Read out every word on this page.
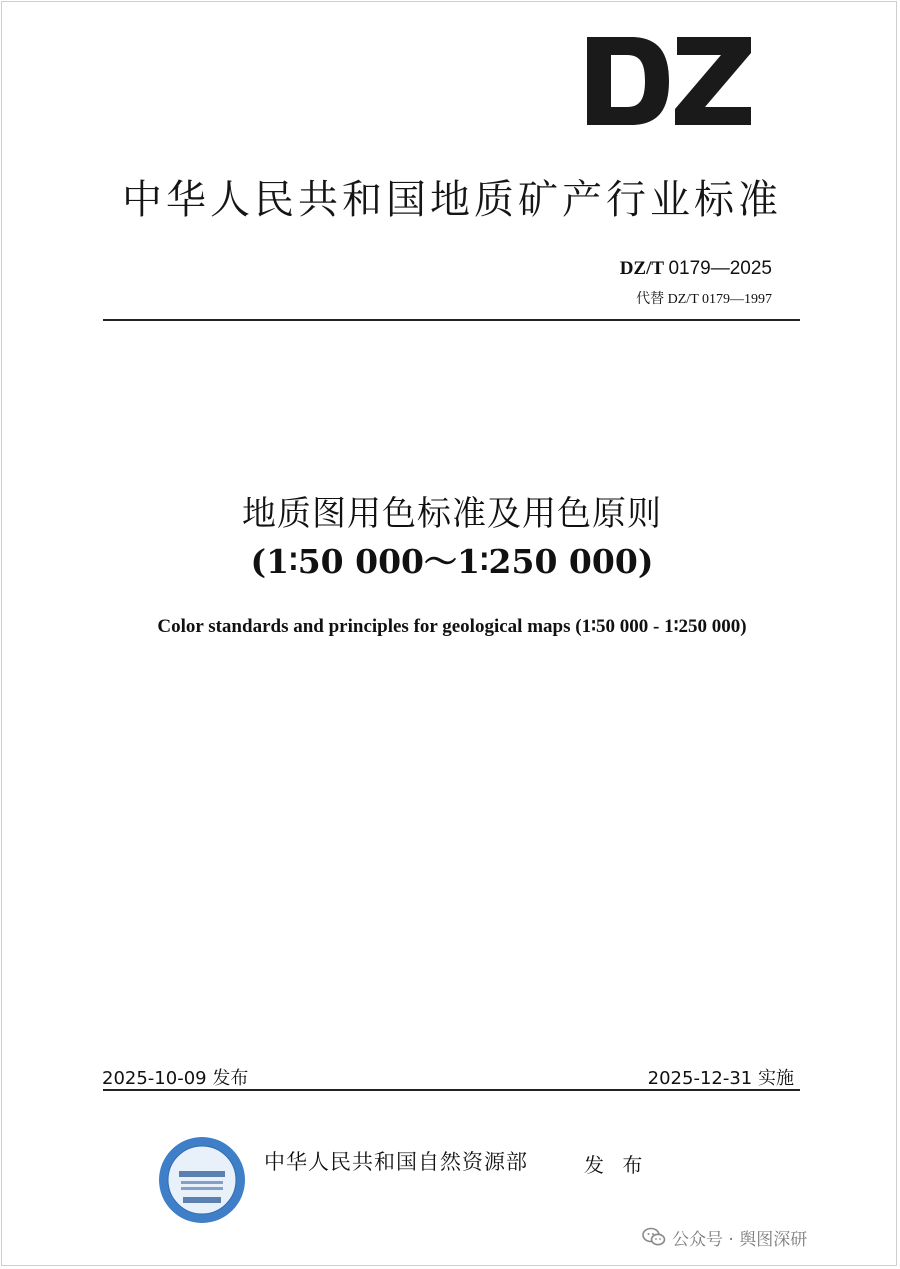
中华人民共和国地质矿产行业标准
DZ/T 0179—2025
代替 DZ/T 0179—1997
地质图用色标准及用色原则
(1∶50 000～1∶250 000)
Color standards and principles for geological maps (1∶50 000 - 1∶250 000)
2025-10-09 发布	2025-12-31 实施
中华人民共和国自然资源部	发 布
公众号 · 舆图深研
